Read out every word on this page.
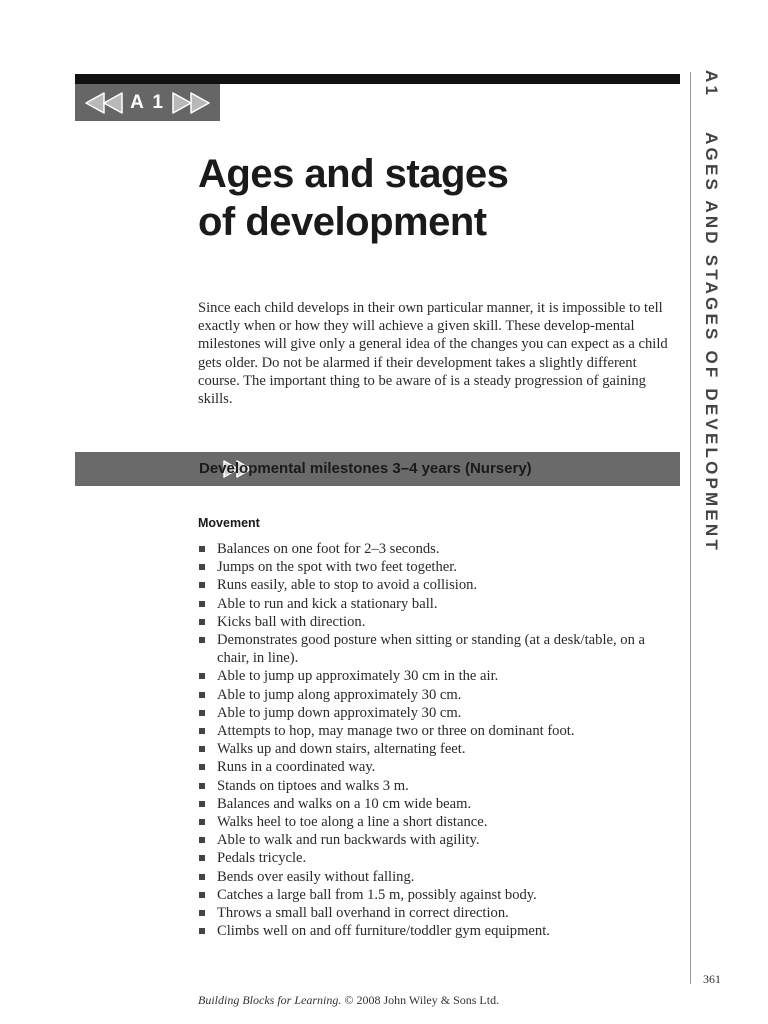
A 1
Ages and stages
of development

Since each child develops in their own particular manner, it is impossible to tell exactly when or how they will achieve a given skill. These develop-mental milestones will give only a general idea of the changes you can expect as a child gets older. Do not be alarmed if their development takes a slightly different course. The important thing to be aware of is a steady progression of gaining skills.

Developmental milestones 3–4 years (Nursery)
Movement
Balances on one foot for 2–3 seconds.
Jumps on the spot with two feet together.
Runs easily, able to stop to avoid a collision.
Able to run and kick a stationary ball.
Kicks ball with direction.
Demonstrates good posture when sitting or standing (at a desk/table, on a chair, in line).
Able to jump up approximately 30 cm in the air.
Able to jump along approximately 30 cm.
Able to jump down approximately 30 cm.
Attempts to hop, may manage two or three on dominant foot.
Walks up and down stairs, alternating feet.
Runs in a coordinated way.
Stands on tiptoes and walks 3 m.
Balances and walks on a 10 cm wide beam.
Walks heel to toe along a line a short distance.
Able to walk and run backwards with agility.
Pedals tricycle.
Bends over easily without falling.
Catches a large ball from 1.5 m, possibly against body.
Throws a small ball overhand in correct direction.
Climbs well on and off furniture/toddler gym equipment.
A1 AGES AND STAGES OF DEVELOPMENT
361
Building Blocks for Learning. © 2008 John Wiley & Sons Ltd.
